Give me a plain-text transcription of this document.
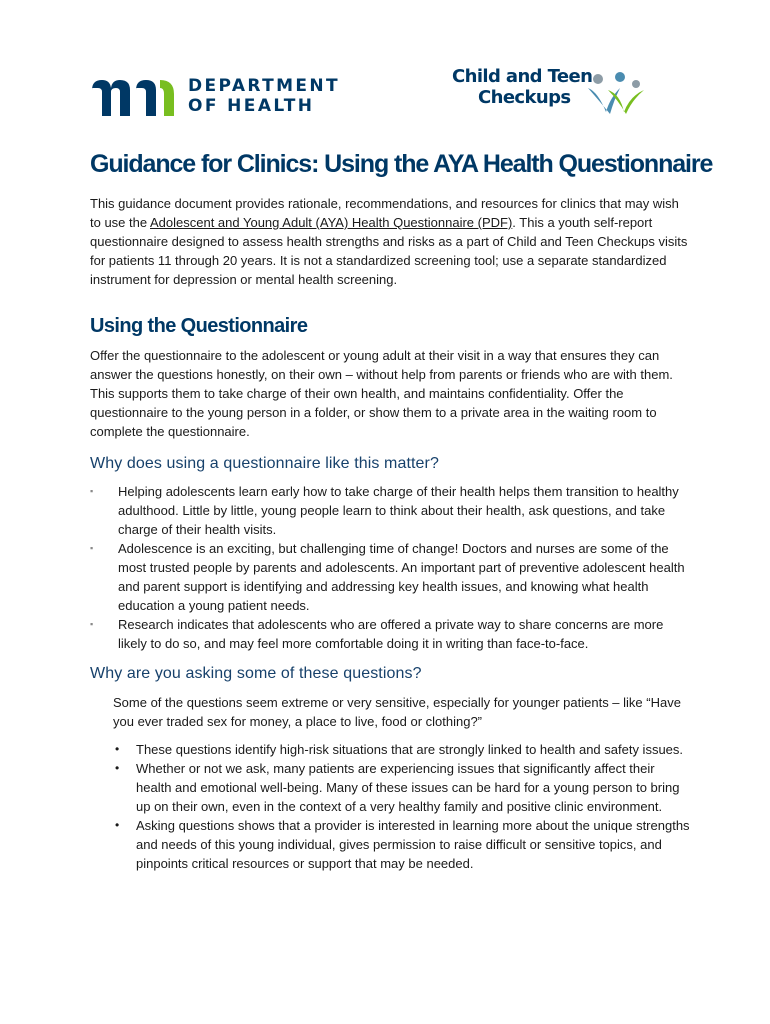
DEPARTMENT
OF HEALTH
Child and Teen
Checkups
Guidance for Clinics: Using the AYA Health Questionnaire

This guidance document provides rationale, recommendations, and resources for clinics that may wish to use the Adolescent and Young Adult (AYA) Health Questionnaire (PDF). This a youth self-report questionnaire designed to assess health strengths and risks as a part of Child and Teen Checkups visits for patients 11 through 20 years. It is not a standardized screening tool; use a separate standardized instrument for depression or mental health screening.

Using the Questionnaire

Offer the questionnaire to the adolescent or young adult at their visit in a way that ensures they can answer the questions honestly, on their own – without help from parents or friends who are with them. This supports them to take charge of their own health, and maintains confidentiality. Offer the questionnaire to the young person in a folder, or show them to a private area in the waiting room to complete the questionnaire.

Why does using a questionnaire like this matter?
▪ Helping adolescents learn early how to take charge of their health helps them transition to healthy adulthood. Little by little, young people learn to think about their health, ask questions, and take charge of their health visits.
▪ Adolescence is an exciting, but challenging time of change! Doctors and nurses are some of the most trusted people by parents and adolescents. An important part of preventive adolescent health and parent support is identifying and addressing key health issues, and knowing what health education a young patient needs.
▪ Research indicates that adolescents who are offered a private way to share concerns are more likely to do so, and may feel more comfortable doing it in writing than face-to-face.
Why are you asking some of these questions?

Some of the questions seem extreme or very sensitive, especially for younger patients – like “Have you ever traded sex for money, a place to live, food or clothing?”

• These questions identify high-risk situations that are strongly linked to health and safety issues.
• Whether or not we ask, many patients are experiencing issues that significantly affect their health and emotional well-being. Many of these issues can be hard for a young person to bring up on their own, even in the context of a very healthy family and positive clinic environment.
• Asking questions shows that a provider is interested in learning more about the unique strengths and needs of this young individual, gives permission to raise difficult or sensitive topics, and pinpoints critical resources or support that may be needed.
